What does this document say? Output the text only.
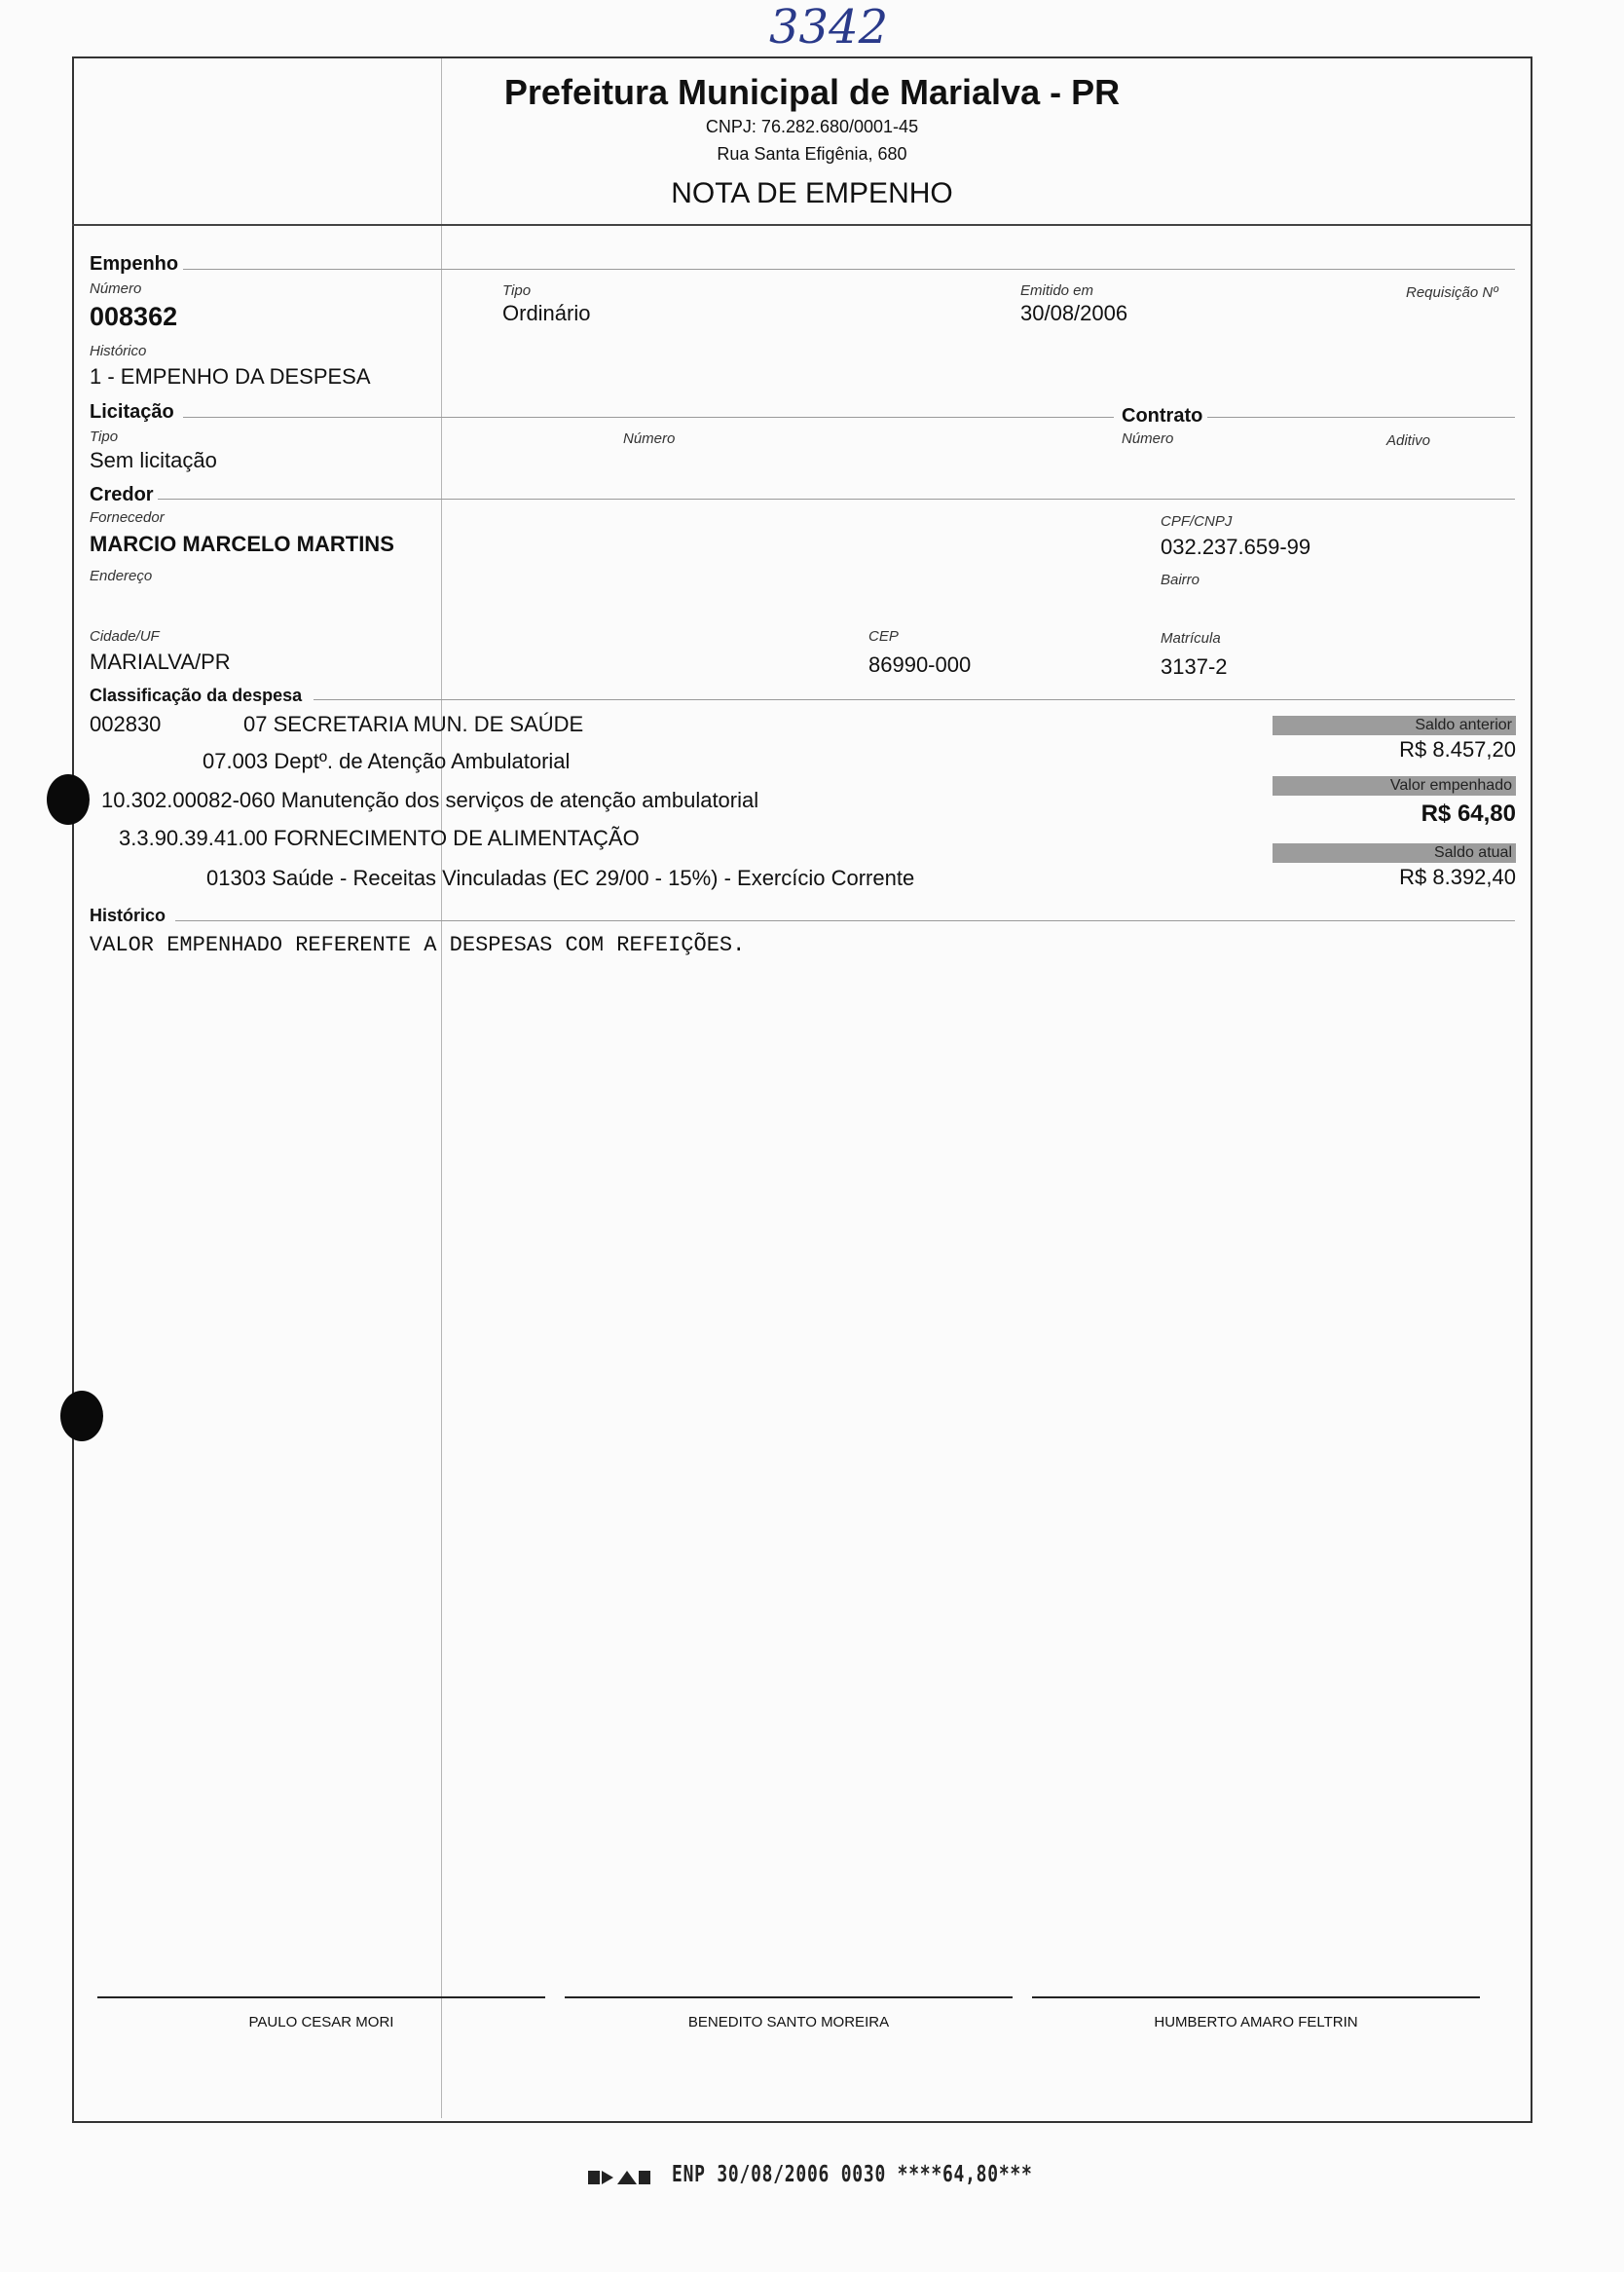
3342
Prefeitura Municipal de Marialva - PR
CNPJ: 76.282.680/0001-45
Rua Santa Efigênia, 680
NOTA DE EMPENHO
Empenho
Número
008362
Tipo
Ordinário
Emitido em
30/08/2006
Requisição Nº
Histórico
1 - EMPENHO DA DESPESA
Licitação	Contrato
Tipo
Sem licitação
Número	Número	Aditivo
Credor
Fornecedor
MARCIO MARCELO MARTINS
CPF/CNPJ
032.237.659-99
Endereço	Bairro
Cidade/UF
MARIALVA/PR
CEP
86990-000
Matrícula
3137-2
Classificação da despesa
002830	07 SECRETARIA MUN. DE SAÚDE
07.003 Deptº. de Atenção Ambulatorial
10.302.00082-060 Manutenção dos serviços de atenção ambulatorial
3.3.90.39.41.00 FORNECIMENTO DE ALIMENTAÇÃO
01303 Saúde - Receitas Vinculadas (EC 29/00 - 15%) - Exercício Corrente
Saldo anterior
R$ 8.457,20
Valor empenhado
R$ 64,80
Saldo atual
R$ 8.392,40
Histórico
VALOR EMPENHADO REFERENTE A DESPESAS COM REFEIÇÕES.
PAULO CESAR MORI	BENEDITO SANTO MOREIRA	HUMBERTO AMARO FELTRIN
ENP 30/08/2006 0030 ****64,80***
